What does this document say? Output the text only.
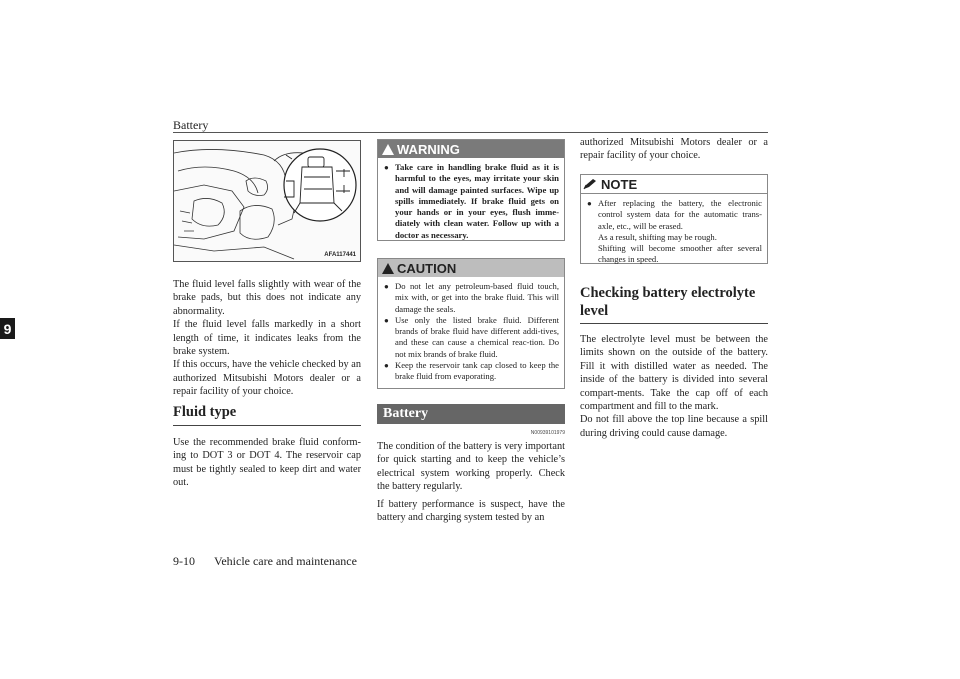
Battery
9
AFA117441
The fluid level falls slightly with wear of the brake pads, but this does not indicate any abnormality.
If the fluid level falls markedly in a short length of time, it indicates leaks from the brake system.
If this occurs, have the vehicle checked by an authorized Mitsubishi Motors dealer or a repair facility of your choice.
Fluid type
Use the recommended brake fluid conform-ing to DOT 3 or DOT 4. The reservoir cap must be tightly sealed to keep dirt and water out.
WARNING
● Take care in handling brake fluid as it is harmful to the eyes, may irritate your skin and will damage painted surfaces. Wipe up spills immediately. If brake fluid gets on your hands or in your eyes, flush imme-diately with clean water. Follow up with a doctor as necessary.
CAUTION
● Do not let any petroleum-based fluid touch, mix with, or get into the brake fluid. This will damage the seals.
● Use only the listed brake fluid. Different brands of brake fluid have different addi-tives, and these can cause a chemical reac-tion. Do not mix brands of brake fluid.
● Keep the reservoir tank cap closed to keep the brake fluid from evaporating.
Battery
N00939101979
The condition of the battery is very important for quick starting and to keep the vehicle’s electrical system working properly. Check the battery regularly.
If battery performance is suspect, have the battery and charging system tested by an
authorized Mitsubishi Motors dealer or a repair facility of your choice.
NOTE
● After replacing the battery, the electronic control system data for the automatic trans-axle, etc., will be erased.
As a result, shifting may be rough.
Shifting will become smoother after several changes in speed.
Checking battery electrolyte level
The electrolyte level must be between the limits shown on the outside of the battery. Fill it with distilled water as needed. The inside of the battery is divided into several compart-ments. Take the cap off of each compartment and fill to the mark.
Do not fill above the top line because a spill during driving could cause damage.
9-10 Vehicle care and maintenance
